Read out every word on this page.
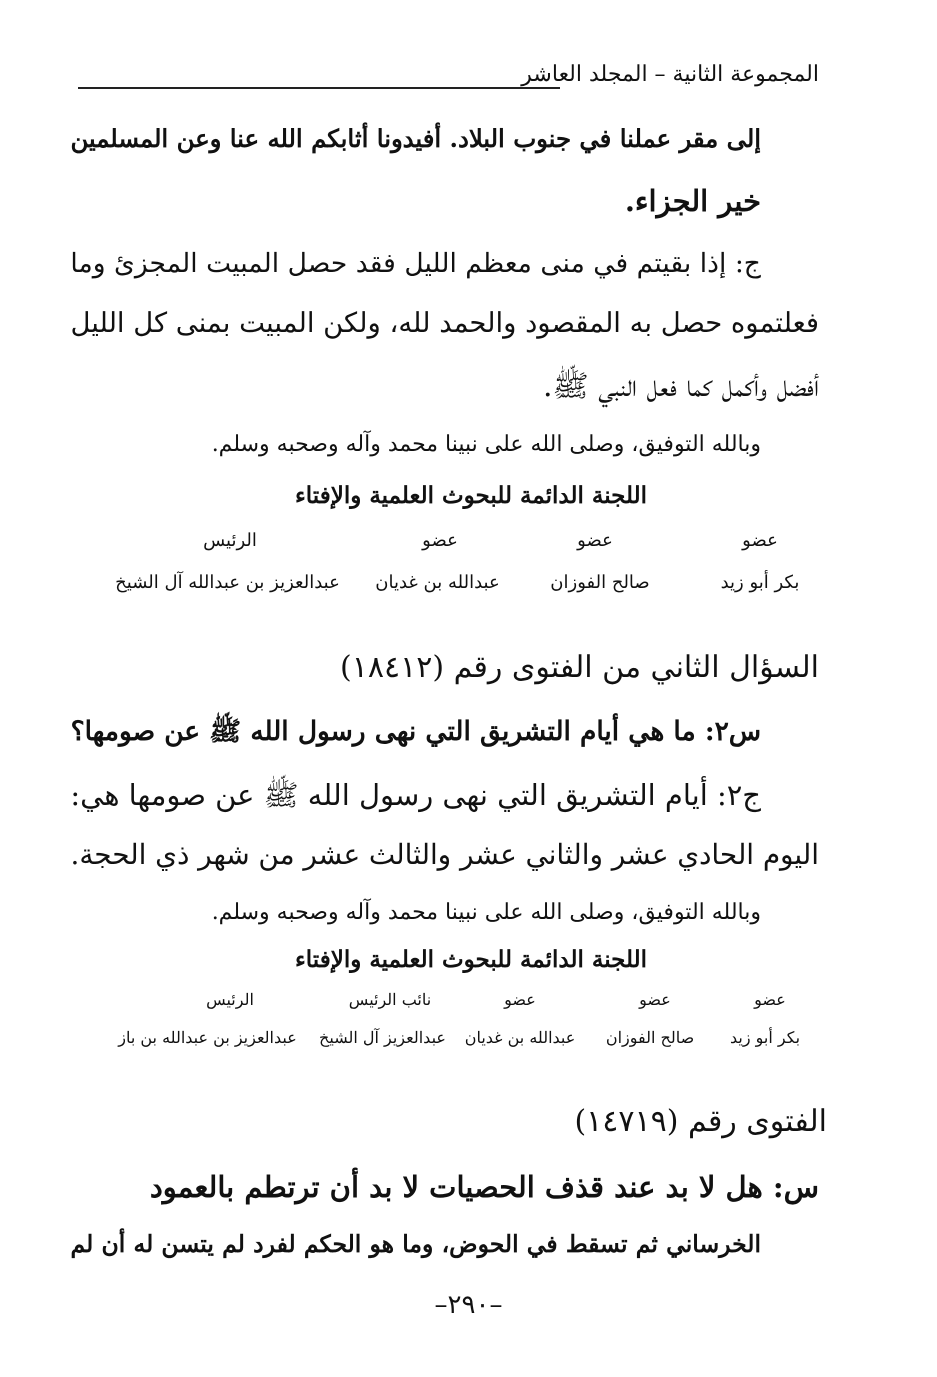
المجموعة الثانية – المجلد العاشر
إلى مقر عملنا في جنوب البلاد. أفيدونا أثابكم الله عنا وعن المسلمين
خير الجزاء.
ج: إذا بقيتم في منى معظم الليل فقد حصل المبيت المجزئ وما
فعلتموه حصل به المقصود والحمد لله، ولكن المبيت بمنى كل الليل
أفضل وأكمل كما فعل النبي ﷺ.
وبالله التوفيق، وصلى الله على نبينا محمد وآله وصحبه وسلم.
اللجنة الدائمة للبحوث العلمية والإفتاء
عضو
عضو
عضو
الرئيس
بكر أبو زيد
صالح الفوزان
عبدالله بن غديان
عبدالعزيز بن عبدالله آل الشيخ
السؤال الثاني من الفتوى رقم (١٨٤١٢)
س٢: ما هي أيام التشريق التي نهى رسول الله ﷺ عن صومها؟
ج٢: أيام التشريق التي نهى رسول الله ﷺ عن صومها هي:
اليوم الحادي عشر والثاني عشر والثالث عشر من شهر ذي الحجة.
وبالله التوفيق، وصلى الله على نبينا محمد وآله وصحبه وسلم.
اللجنة الدائمة للبحوث العلمية والإفتاء
عضو
عضو
عضو
نائب الرئيس
الرئيس
بكر أبو زيد
صالح الفوزان
عبدالله بن غديان
عبدالعزيز آل الشيخ
عبدالعزيز بن عبدالله بن باز
الفتوى رقم (١٤٧١٩)
س: هل لا بد عند قذف الحصيات لا بد أن ترتطم بالعمود
الخرساني ثم تسقط في الحوض، وما هو الحكم لفرد لم يتسن له أن لم
–٢٩٠–
